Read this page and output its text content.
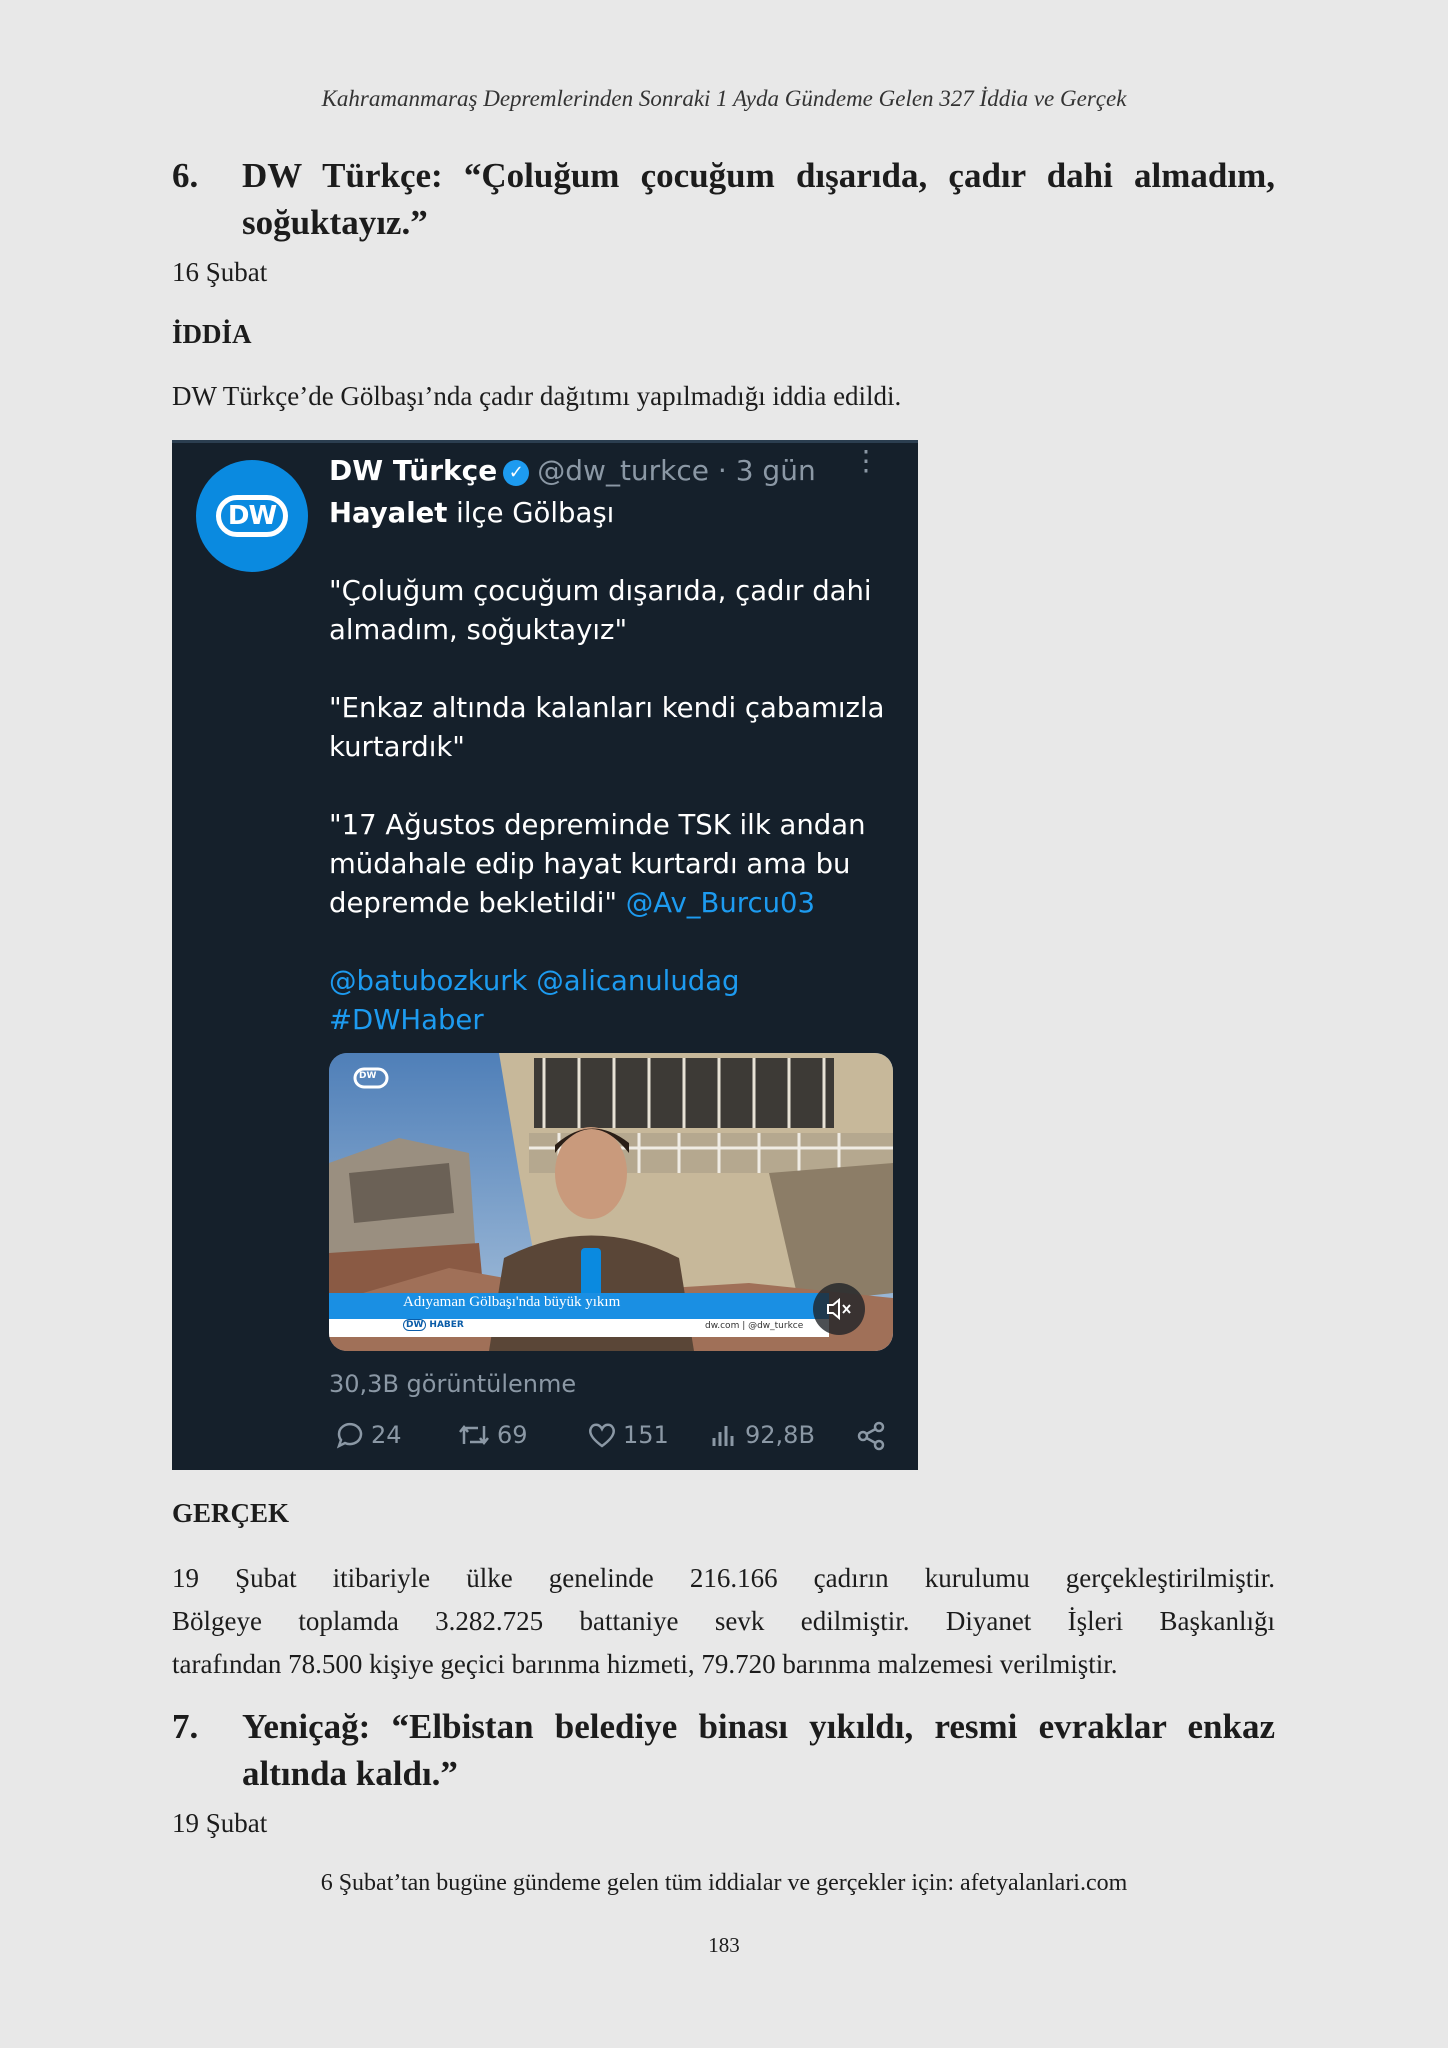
Kahramanmaraş Depremlerinden Sonraki 1 Ayda Gündeme Gelen 327 İddia ve Gerçek
6. DW Türkçe: “Çoluğum çocuğum dışarıda, çadır dahi almadım,
soğuktayız.”
16 Şubat
İDDİA
DW Türkçe’de Gölbaşı’nda çadır dağıtımı yapılmadığı iddia edildi.
DW
DW Türkçe ✓ @dw_turkce · 3 gün ⋮

Hayalet ilçe Gölbaşı

"Çoluğum çocuğum dışarıda, çadır dahi

almadım, soğuktayız"

"Enkaz altında kalanları kendi çabamızla

kurtardık"

"17 Ağustos depreminde TSK ilk andan

müdahale edip hayat kurtardı ama bu

depremde bekletildi" @Av_Burcu03

@batubozkurk @alicanuludag

#DWHaber

Adıyaman Gölbaşı'nda büyük yıkım
DW HABER	dw.com | @dw_turkce
DW
30,3B görüntülenme
24	69	151	92,8B
GERÇEK
19 Şubat itibariyle ülke genelinde 216.166 çadırın kurulumu gerçekleştirilmiştir.
Bölgeye toplamda 3.282.725 battaniye sevk edilmiştir. Diyanet İşleri Başkanlığı
tarafından 78.500 kişiye geçici barınma hizmeti, 79.720 barınma malzemesi verilmiştir.
7. Yeniçağ: “Elbistan belediye binası yıkıldı, resmi evraklar enkaz
altında kaldı.”
19 Şubat
6 Şubat’tan bugüne gündeme gelen tüm iddialar ve gerçekler için: afetyalanlari.com
183
